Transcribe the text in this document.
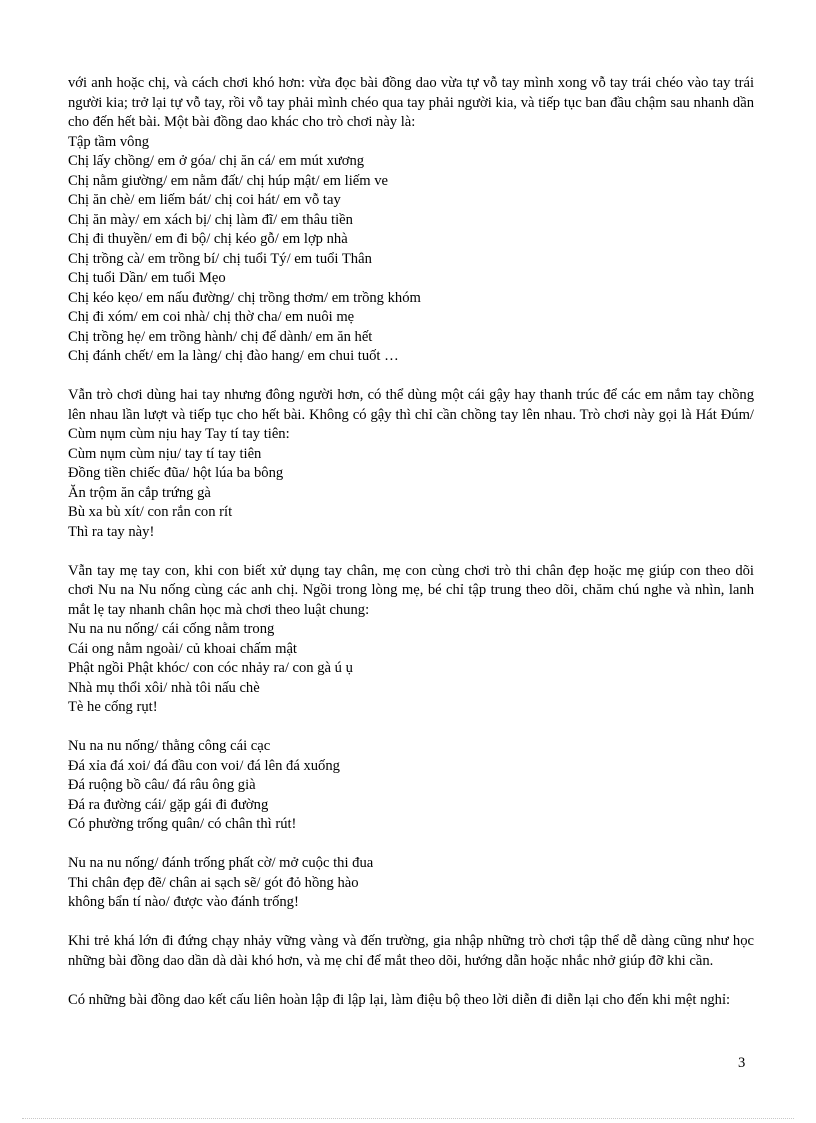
với anh hoặc chị, và cách chơi khó hơn: vừa đọc bài đồng dao vừa tự vỗ tay mình xong vỗ tay trái chéo vào tay trái người kia; trở lại tự vỗ tay, rồi vỗ tay phải mình chéo qua tay phải người kia, và tiếp tục ban đầu chậm sau nhanh dần cho đến hết bài. Một bài đồng dao khác cho trò chơi này là:

Tập tầm vông

Chị lấy chồng/ em ở góa/ chị ăn cá/ em mút xương

Chị nằm giường/ em nằm đất/ chị húp mật/ em liếm ve

Chị ăn chè/ em liếm bát/ chị coi hát/ em vỗ tay

Chị ăn mày/ em xách bị/ chị làm đĩ/ em thâu tiền

Chị đi thuyền/ em đi bộ/ chị kéo gỗ/ em lợp nhà

Chị trồng cà/ em trồng bí/ chị tuổi Tý/ em tuổi Thân

Chị tuổi Dần/ em tuổi Mẹo

Chị kéo kẹo/ em nấu đường/ chị trồng thơm/ em trồng khóm

Chị đi xóm/ em coi nhà/ chị thờ cha/ em nuôi mẹ

Chị trồng hẹ/ em trồng hành/ chị để dành/ em ăn hết

Chị đánh chết/ em la làng/ chị đào hang/ em chui tuốt …

Vẫn trò chơi dùng hai tay nhưng đông người hơn, có thể dùng một cái gậy hay thanh trúc để các em nắm tay chồng lên nhau lần lượt và tiếp tục cho hết bài. Không có gậy thì chỉ cần chồng tay lên nhau. Trò chơi này gọi là Hát Đúm/ Cùm nụm cùm nịu hay Tay tí tay tiên:

Cùm nụm cùm nịu/ tay tí tay tiên

Đồng tiền chiếc đũa/ hột lúa ba bông

Ăn trộm ăn cắp trứng gà

Bù xa bù xít/ con rắn con rít

Thì ra tay này!

Vẫn tay mẹ tay con, khi con biết xử dụng tay chân, mẹ con cùng chơi trò thi chân đẹp hoặc mẹ giúp con theo dõi chơi Nu na Nu nống cùng các anh chị. Ngồi trong lòng mẹ, bé chỉ tập trung theo dõi, chăm chú nghe và nhìn, lanh mắt lẹ tay nhanh chân học mà chơi theo luật chung:

Nu na nu nống/ cái cống nằm trong

Cái ong nằm ngoài/ củ khoai chấm mật

Phật ngồi Phật khóc/ con cóc nhảy ra/ con gà ú ụ

Nhà mụ thổi xôi/ nhà tôi nấu chè

Tè he cống rụt!

Nu na nu nống/ thằng công cái cạc

Đá xỉa đá xoi/ đá đầu con voi/ đá lên đá xuống

Đá ruộng bồ câu/ đá râu ông già

Đá ra đường cái/ gặp gái đi đường

Có phường trống quân/ có chân thì rút!

Nu na nu nống/ đánh trống phất cờ/ mở cuộc thi đua

Thi chân đẹp đẽ/ chân ai sạch sẽ/ gót đỏ hồng hào

không bẩn tí nào/ được vào đánh trống!

Khi trẻ khá lớn đi đứng chạy nhảy vững vàng và đến trường, gia nhập những trò chơi tập thể dễ dàng cũng như học những bài đồng dao dần dà dài khó hơn, và mẹ chỉ để mắt theo dõi, hướng dẫn hoặc nhắc nhở giúp đỡ khi cần.

Có những bài đồng dao kết cấu liên hoàn lập đi lập lại, làm điệu bộ theo lời diễn đi diễn lại cho đến khi mệt nghỉ:

3
